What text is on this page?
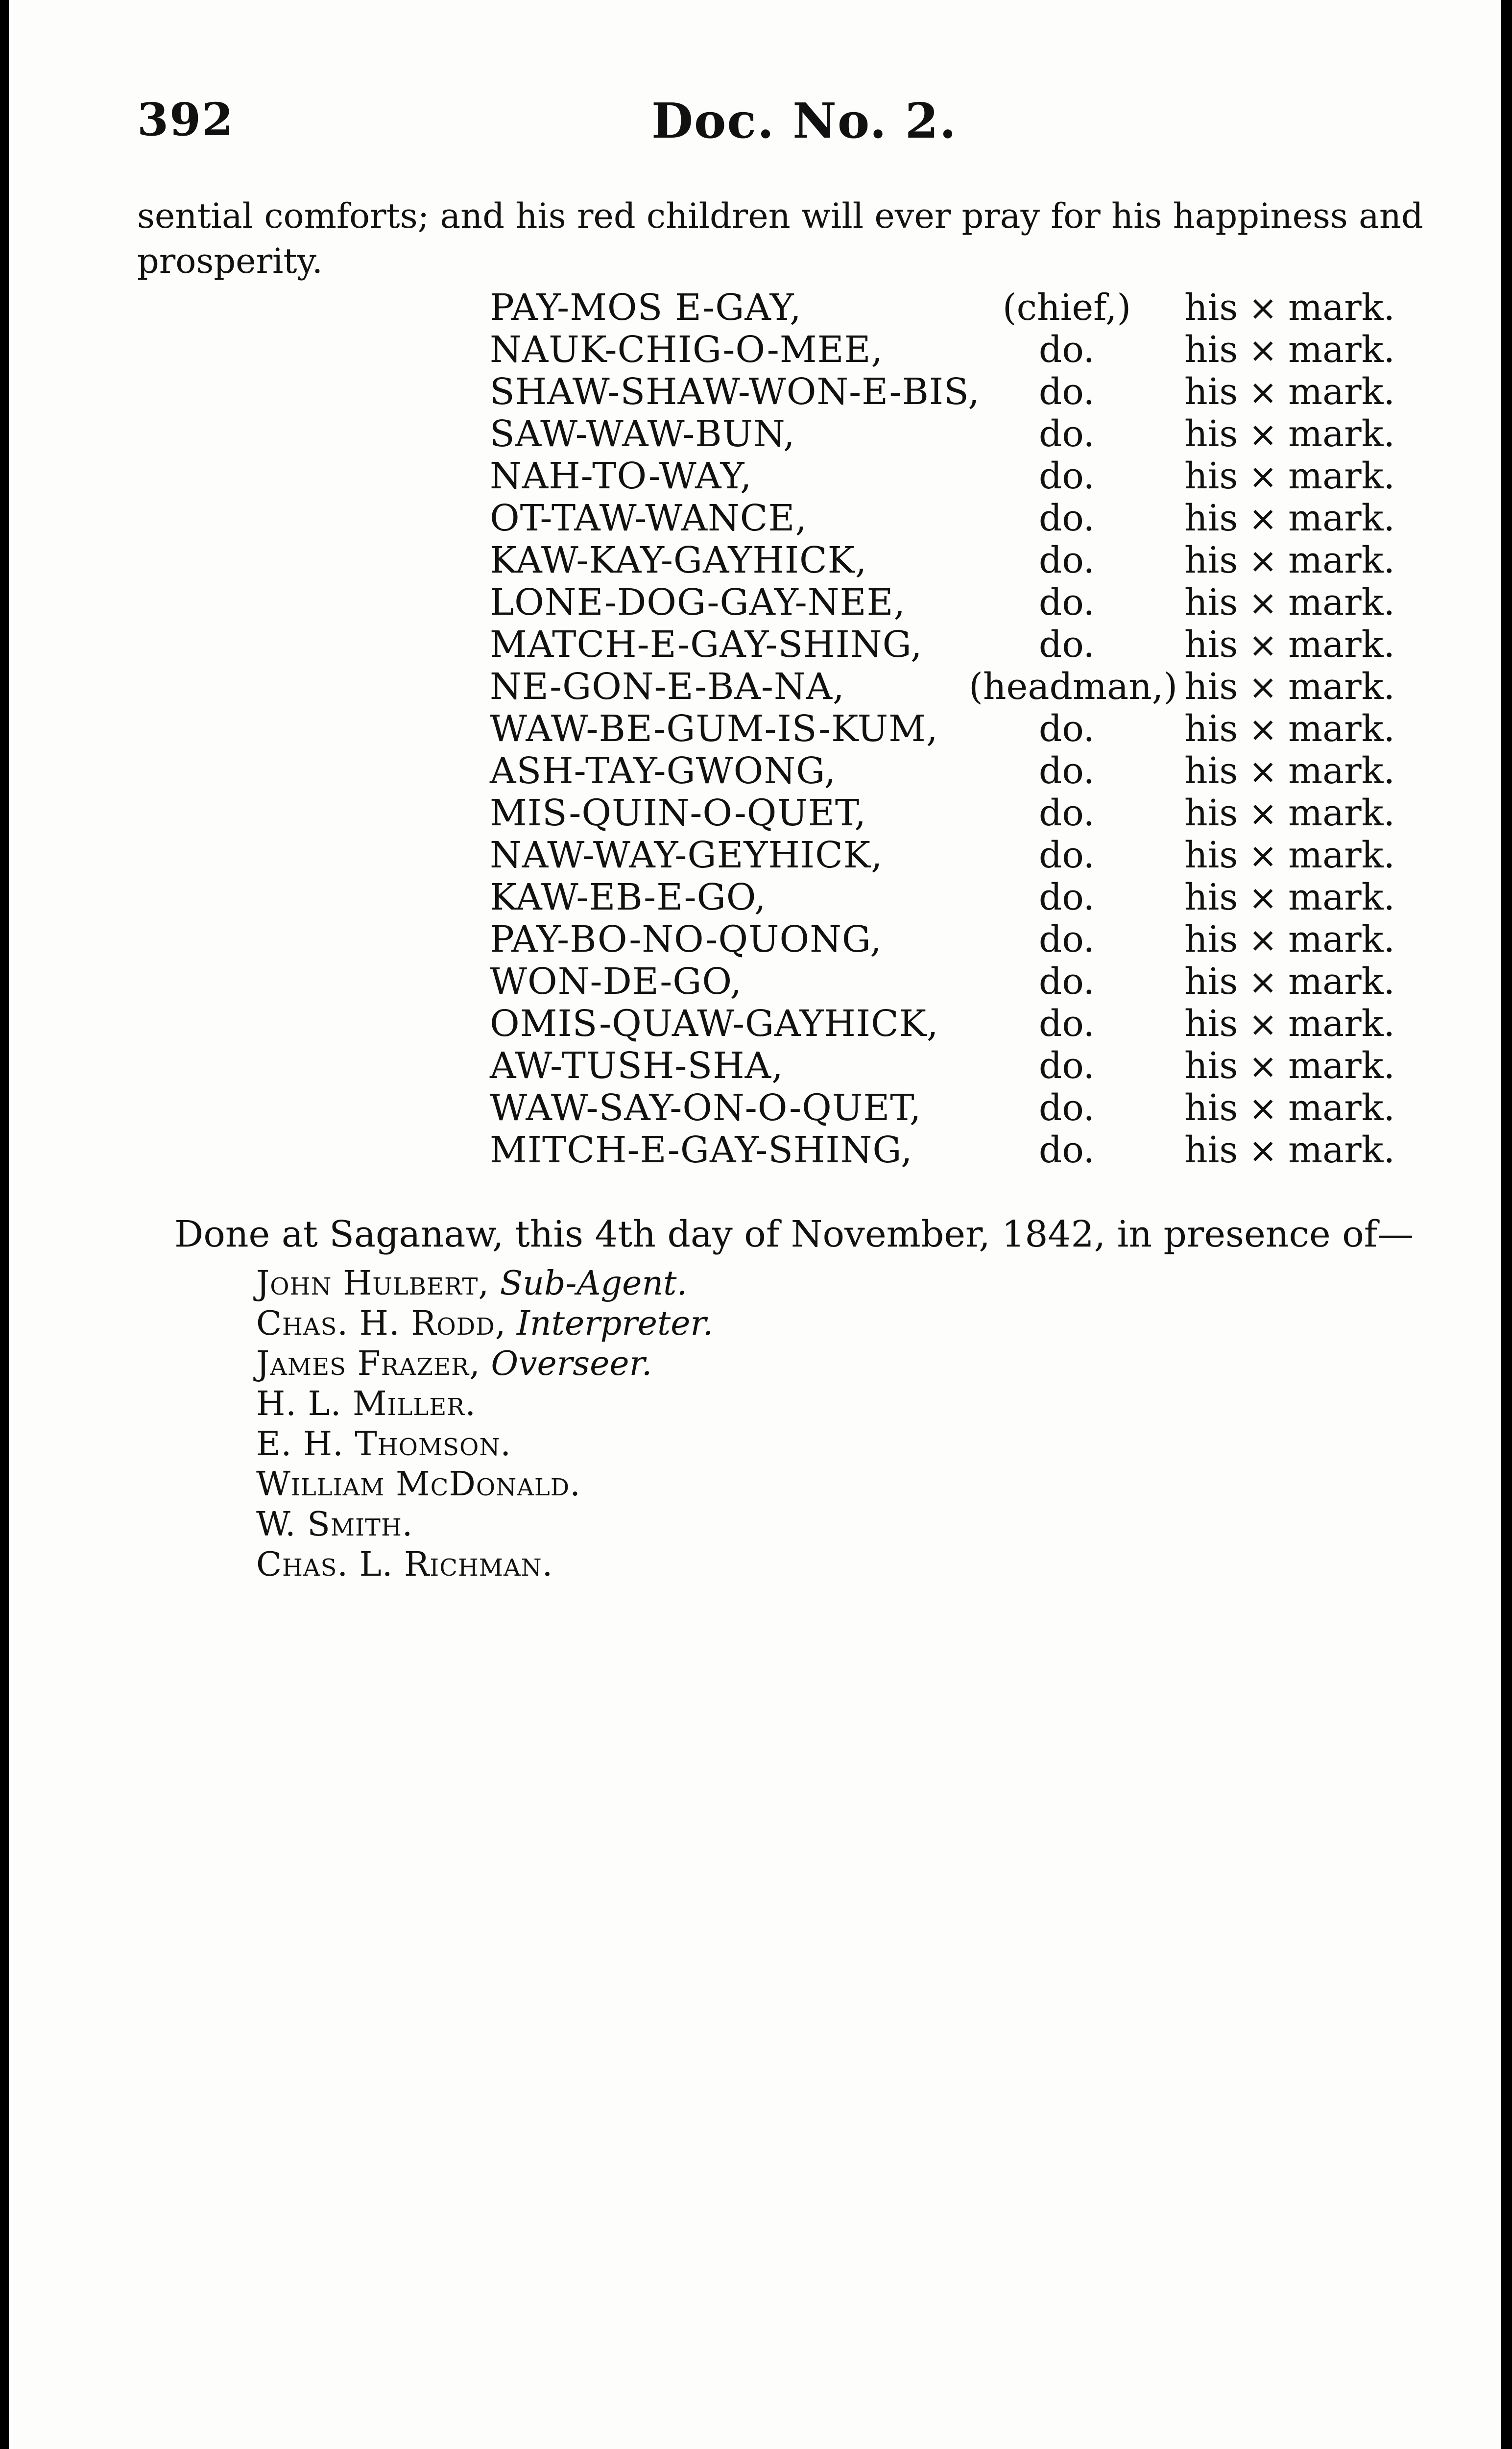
392	Doc. No. 2.

sential comforts; and his red children will ever pray for his happiness and

prosperity.

PAY-MOS E-GAY,	(chief,)	his × mark.
NAUK-CHIG-O-MEE,	do.	his × mark.
SHAW-SHAW-WON-E-BIS,	do.	his × mark.
SAW-WAW-BUN,	do.	his × mark.
NAH-TO-WAY,	do.	his × mark.
OT-TAW-WANCE,	do.	his × mark.
KAW-KAY-GAYHICK,	do.	his × mark.
LONE-DOG-GAY-NEE,	do.	his × mark.
MATCH-E-GAY-SHING,	do.	his × mark.
NE-GON-E-BA-NA,	(headman,) his × mark.
WAW-BE-GUM-IS-KUM,	do.	his × mark.
ASH-TAY-GWONG,	do.	his × mark.
MIS-QUIN-O-QUET,	do.	his × mark.
NAW-WAY-GEYHICK,	do.	his × mark.
KAW-EB-E-GO,	do.	his × mark.
PAY-BO-NO-QUONG,	do.	his × mark.
WON-DE-GO,	do.	his × mark.
OMIS-QUAW-GAYHICK,	do.	his × mark.
AW-TUSH-SHA,	do.	his × mark.
WAW-SAY-ON-O-QUET,	do.	his × mark.
MITCH-E-GAY-SHING,	do.	his × mark.
Done at Saganaw, this 4th day of November, 1842, in presence of—
John Hulbert, Sub-Agent.
Chas. H. Rodd, Interpreter.
James Frazer, Overseer.
H. L. Miller.
E. H. Thomson.
William McDonald.
W. Smith.
Chas. L. Richman.
